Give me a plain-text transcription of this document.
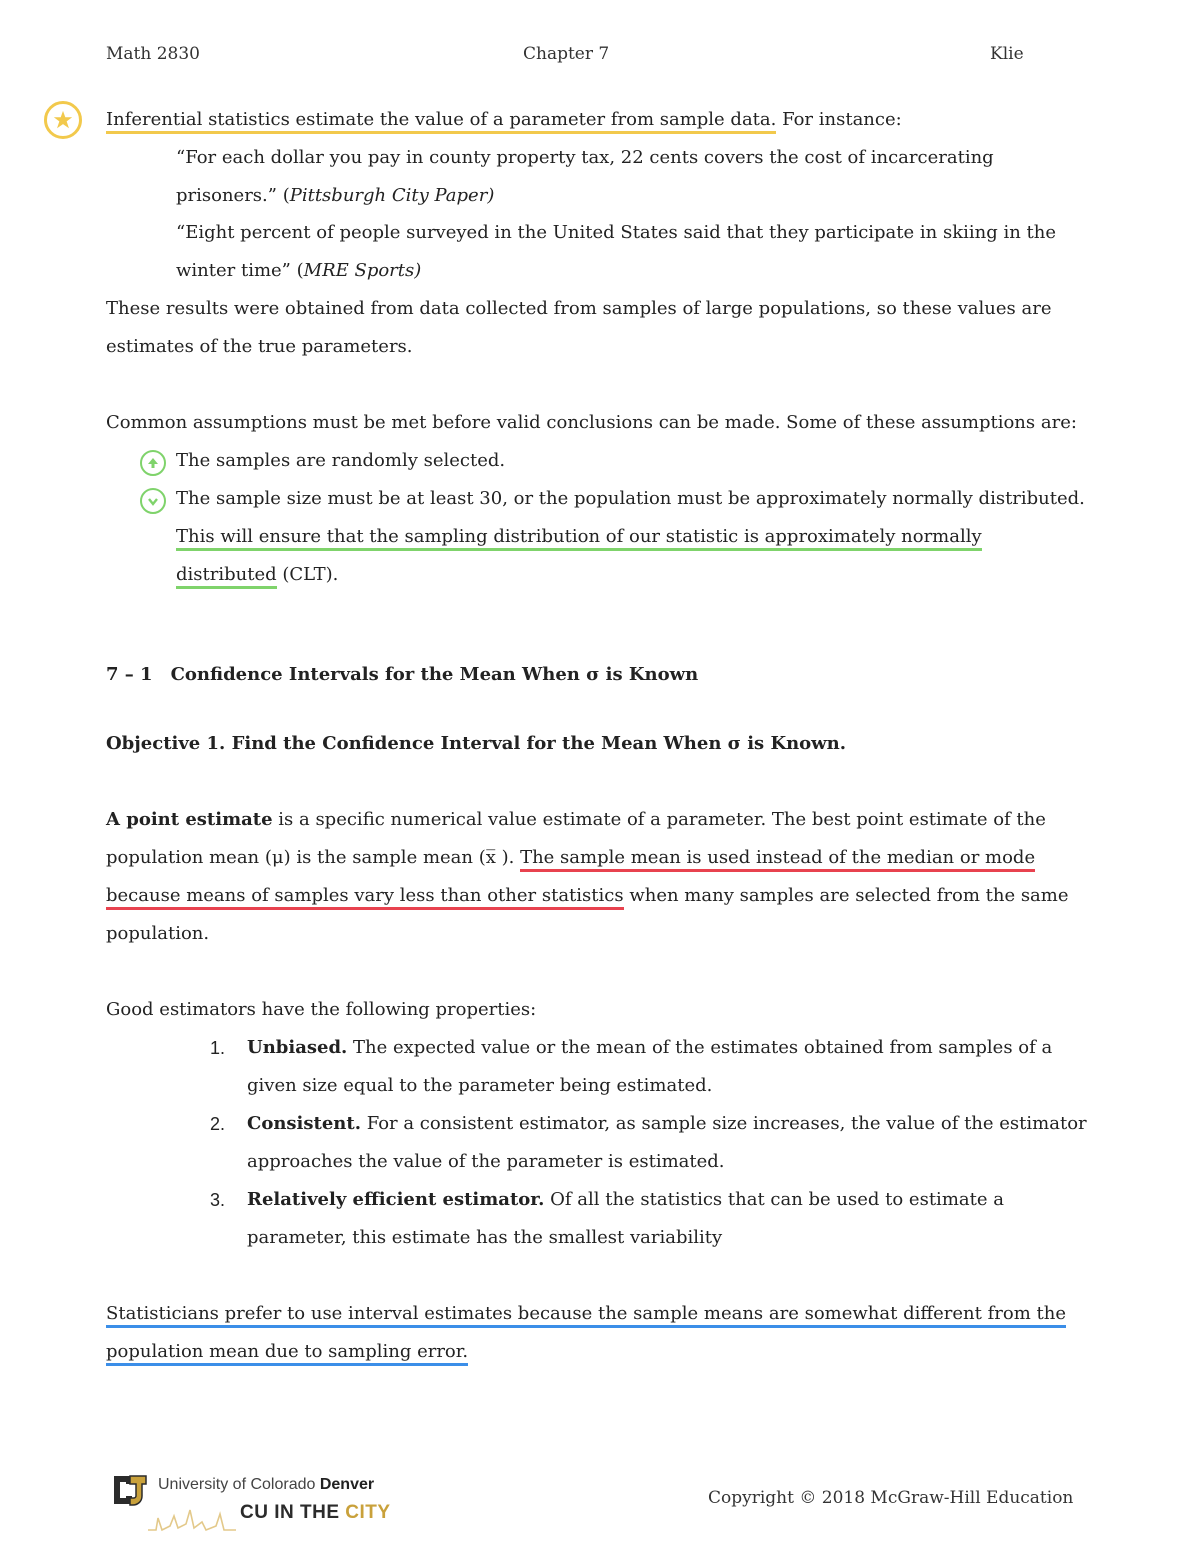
Math 2830	Chapter 7	Klie
Inferential statistics estimate the value of a parameter from sample data. For instance:
“For each dollar you pay in county property tax, 22 cents covers the cost of incarcerating
prisoners.” (Pittsburgh City Paper)
“Eight percent of people surveyed in the United States said that they participate in skiing in the
winter time” (MRE Sports)
These results were obtained from data collected from samples of large populations, so these values are
estimates of the true parameters.
Common assumptions must be met before valid conclusions can be made. Some of these assumptions are:
The samples are randomly selected.
The sample size must be at least 30, or the population must be approximately normally distributed.
This will ensure that the sampling distribution of our statistic is approximately normally
distributed (CLT).
7 – 1 Confidence Intervals for the Mean When σ is Known
Objective 1. Find the Confidence Interval for the Mean When σ is Known.
A point estimate is a specific numerical value estimate of a parameter. The best point estimate of the
population mean (μ) is the sample mean (x̅ ). The sample mean is used instead of the median or mode
because means of samples vary less than other statistics when many samples are selected from the same
population.
Good estimators have the following properties:
1. Unbiased. The expected value or the mean of the estimates obtained from samples of a
given size equal to the parameter being estimated.
2. Consistent. For a consistent estimator, as sample size increases, the value of the estimator
approaches the value of the parameter is estimated.
3. Relatively efficient estimator. Of all the statistics that can be used to estimate a
parameter, this estimate has the smallest variability
Statisticians prefer to use interval estimates because the sample means are somewhat different from the
population mean due to sampling error.
University of Colorado Denver
CU IN THE CITY
Copyright © 2018 McGraw-Hill Education
